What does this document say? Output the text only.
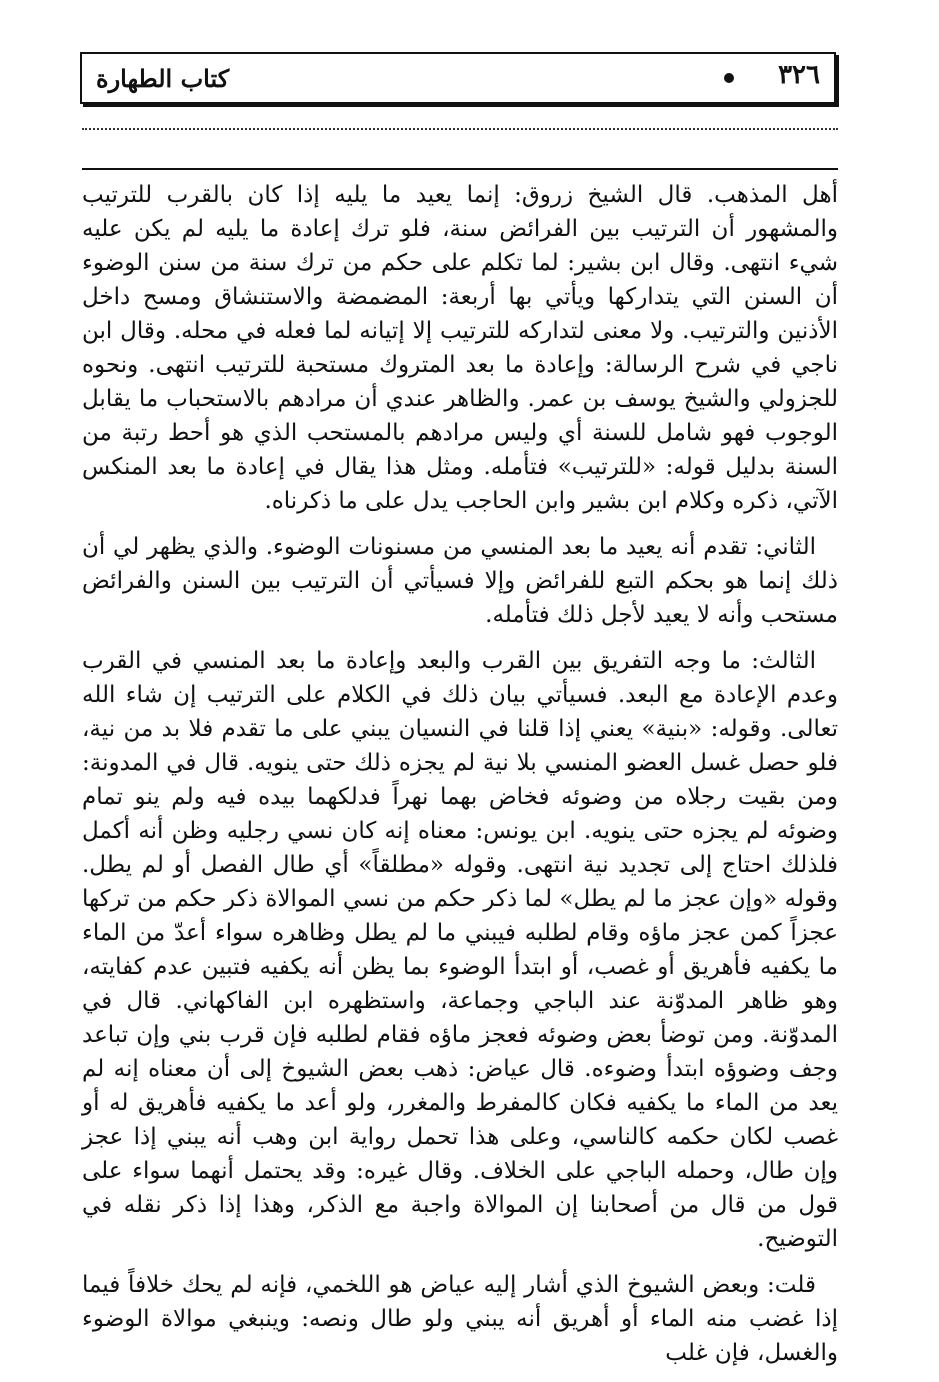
٣٢٦
كتاب الطهارة

أهل المذهب. قال الشيخ زروق: إنما يعيد ما يليه إذا كان بالقرب للترتيب والمشهور أن الترتيب بين الفرائض سنة، فلو ترك إعادة ما يليه لم يكن عليه شيء انتهى. وقال ابن بشير: لما تكلم على حكم من ترك سنة من سنن الوضوء أن السنن التي يتداركها ويأتي بها أربعة: المضمضة والاستنشاق ومسح داخل الأذنين والترتيب. ولا معنى لتداركه للترتيب إلا إتيانه لما فعله في محله. وقال ابن ناجي في شرح الرسالة: وإعادة ما بعد المتروك مستحبة للترتيب انتهى. ونحوه للجزولي والشيخ يوسف بن عمر. والظاهر عندي أن مرادهم بالاستحباب ما يقابل الوجوب فهو شامل للسنة أي وليس مرادهم بالمستحب الذي هو أحط رتبة من السنة بدليل قوله: «للترتيب» فتأمله. ومثل هذا يقال في إعادة ما بعد المنكس الآتي، ذكره وكلام ابن بشير وابن الحاجب يدل على ما ذكرناه.

الثاني: تقدم أنه يعيد ما بعد المنسي من مسنونات الوضوء. والذي يظهر لي أن ذلك إنما هو بحكم التبع للفرائض وإلا فسيأتي أن الترتيب بين السنن والفرائض مستحب وأنه لا يعيد لأجل ذلك فتأمله.

الثالث: ما وجه التفريق بين القرب والبعد وإعادة ما بعد المنسي في القرب وعدم الإعادة مع البعد. فسيأتي بيان ذلك في الكلام على الترتيب إن شاء الله تعالى. وقوله: «بنية» يعني إذا قلنا في النسيان يبني على ما تقدم فلا بد من نية، فلو حصل غسل العضو المنسي بلا نية لم يجزه ذلك حتى ينويه. قال في المدونة: ومن بقيت رجلاه من وضوئه فخاض بهما نهراً فدلكهما بيده فيه ولم ينو تمام وضوئه لم يجزه حتى ينويه. ابن يونس: معناه إنه كان نسي رجليه وظن أنه أكمل فلذلك احتاج إلى تجديد نية انتهى. وقوله «مطلقاً» أي طال الفصل أو لم يطل. وقوله «وإن عجز ما لم يطل» لما ذكر حكم من نسي الموالاة ذكر حكم من تركها عجزاً كمن عجز ماؤه وقام لطلبه فيبني ما لم يطل وظاهره سواء أعدّ من الماء ما يكفيه فأهريق أو غصب، أو ابتدأ الوضوء بما يظن أنه يكفيه فتبين عدم كفايته، وهو ظاهر المدوّنة عند الباجي وجماعة، واستظهره ابن الفاكهاني. قال في المدوّنة. ومن توضأ بعض وضوئه فعجز ماؤه فقام لطلبه فإن قرب بني وإن تباعد وجف وضوؤه ابتدأ وضوءه. قال عياض: ذهب بعض الشيوخ إلى أن معناه إنه لم يعد من الماء ما يكفيه فكان كالمفرط والمغرر، ولو أعد ما يكفيه فأهريق له أو غصب لكان حكمه كالناسي، وعلى هذا تحمل رواية ابن وهب أنه يبني إذا عجز وإن طال، وحمله الباجي على الخلاف. وقال غيره: وقد يحتمل أنهما سواء على قول من قال من أصحابنا إن الموالاة واجبة مع الذكر، وهذا إذا ذكر نقله في التوضيح.

قلت: وبعض الشيوخ الذي أشار إليه عياض هو اللخمي، فإنه لم يحك خلافاً فيما إذا غضب منه الماء أو أهريق أنه يبني ولو طال ونصه: وينبغي موالاة الوضوء والغسل، فإن غلب
